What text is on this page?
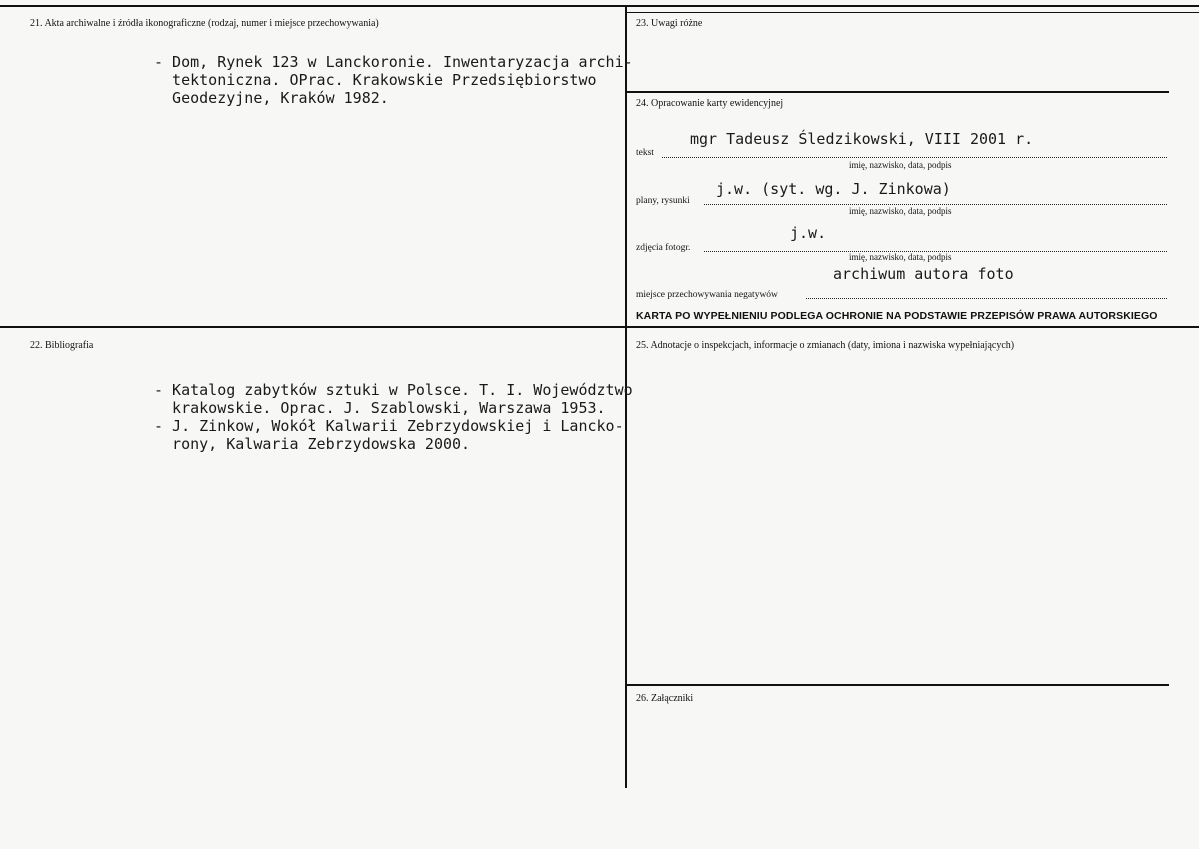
21. Akta archiwalne i źródła ikonograficzne (rodzaj, numer i miejsce przechowywania)
- Dom, Rynek 123 w Lanckoronie. Inwentaryzacja archi-
tektoniczna. OPrac. Krakowskie Przedsiębiorstwo
Geodezyjne, Kraków 1982.
23. Uwagi różne
24. Opracowanie karty ewidencyjnej
mgr Tadeusz Śledzikowski, VIII 2001 r.
tekst
imię, nazwisko, data, podpis
j.w. (syt. wg. J. Zinkowa)
plany, rysunki
imię, nazwisko, data, podpis
j.w.
zdjęcia fotogr.
imię, nazwisko, data, podpis
archiwum autora foto
miejsce przechowywania negatywów
KARTA PO WYPEŁNIENIU PODLEGA OCHRONIE NA PODSTAWIE PRZEPISÓW PRAWA AUTORSKIEGO
22. Bibliografia
- Katalog zabytków sztuki w Polsce. T. I. Województwo
krakowskie. Oprac. J. Szablowski, Warszawa 1953.
- J. Zinkow, Wokół Kalwarii Zebrzydowskiej i Lancko-
rony, Kalwaria Zebrzydowska 2000.
25. Adnotacje o inspekcjach, informacje o zmianach (daty, imiona i nazwiska wypełniających)
26. Załączniki
